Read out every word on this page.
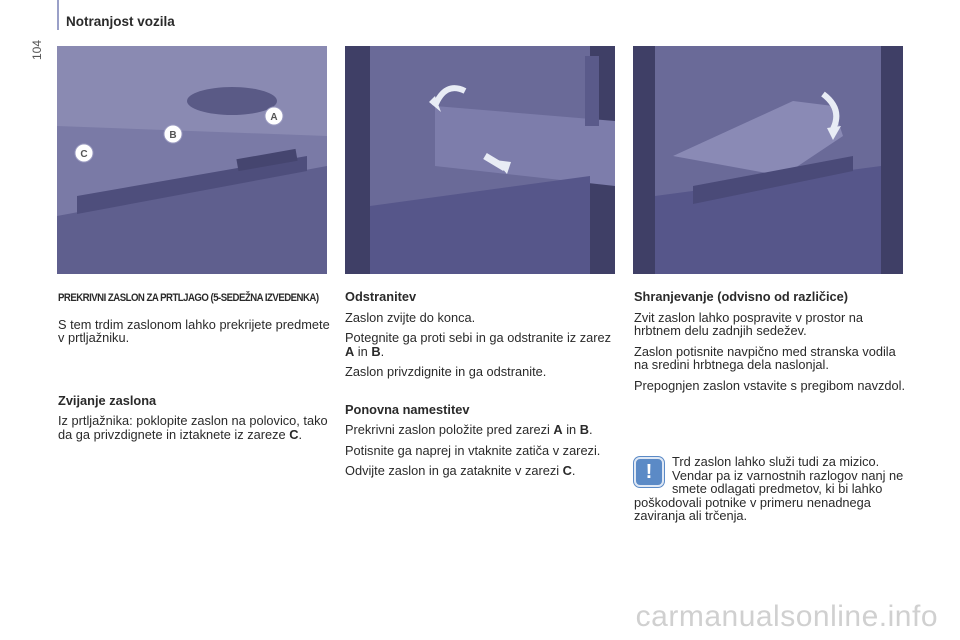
104
Notranjost vozila
A
B
C
PREKRIVNI ZASLON ZA PRTLJAGO (5-SEDEŽNA IZVEDENKA)

S tem trdim zaslonom lahko prekrijete predmete v prtljažniku.

Zvijanje zaslona

Iz prtljažnika: poklopite zaslon na polovico, tako da ga privzdignete in iztaknete iz zareze C.

Odstranitev

Zaslon zvijte do konca.

Potegnite ga proti sebi in ga odstranite iz zarez A in B.

Zaslon privzdignite in ga odstranite.

Ponovna namestitev

Prekrivni zaslon položite pred zarezi A in B.

Potisnite ga naprej in vtaknite zatiča v zarezi.

Odvijte zaslon in ga zataknite v zarezi C.

Shranjevanje (odvisno od različice)

Zvit zaslon lahko pospravite v prostor na hrbtnem delu zadnjih sedežev.

Zaslon potisnite navpično med stranska vodila na sredini hrbtnega dela naslonjal.

Prepognjen zaslon vstavite s pregibom navzdol.

!	Trd zaslon lahko služi tudi za mizico. Vendar pa iz varnostnih razlogov nanj ne smete odlagati predmetov, ki bi lahko poškodovali potnike v primeru nenadnega zaviranja ali trčenja.
carmanualsonline.info
